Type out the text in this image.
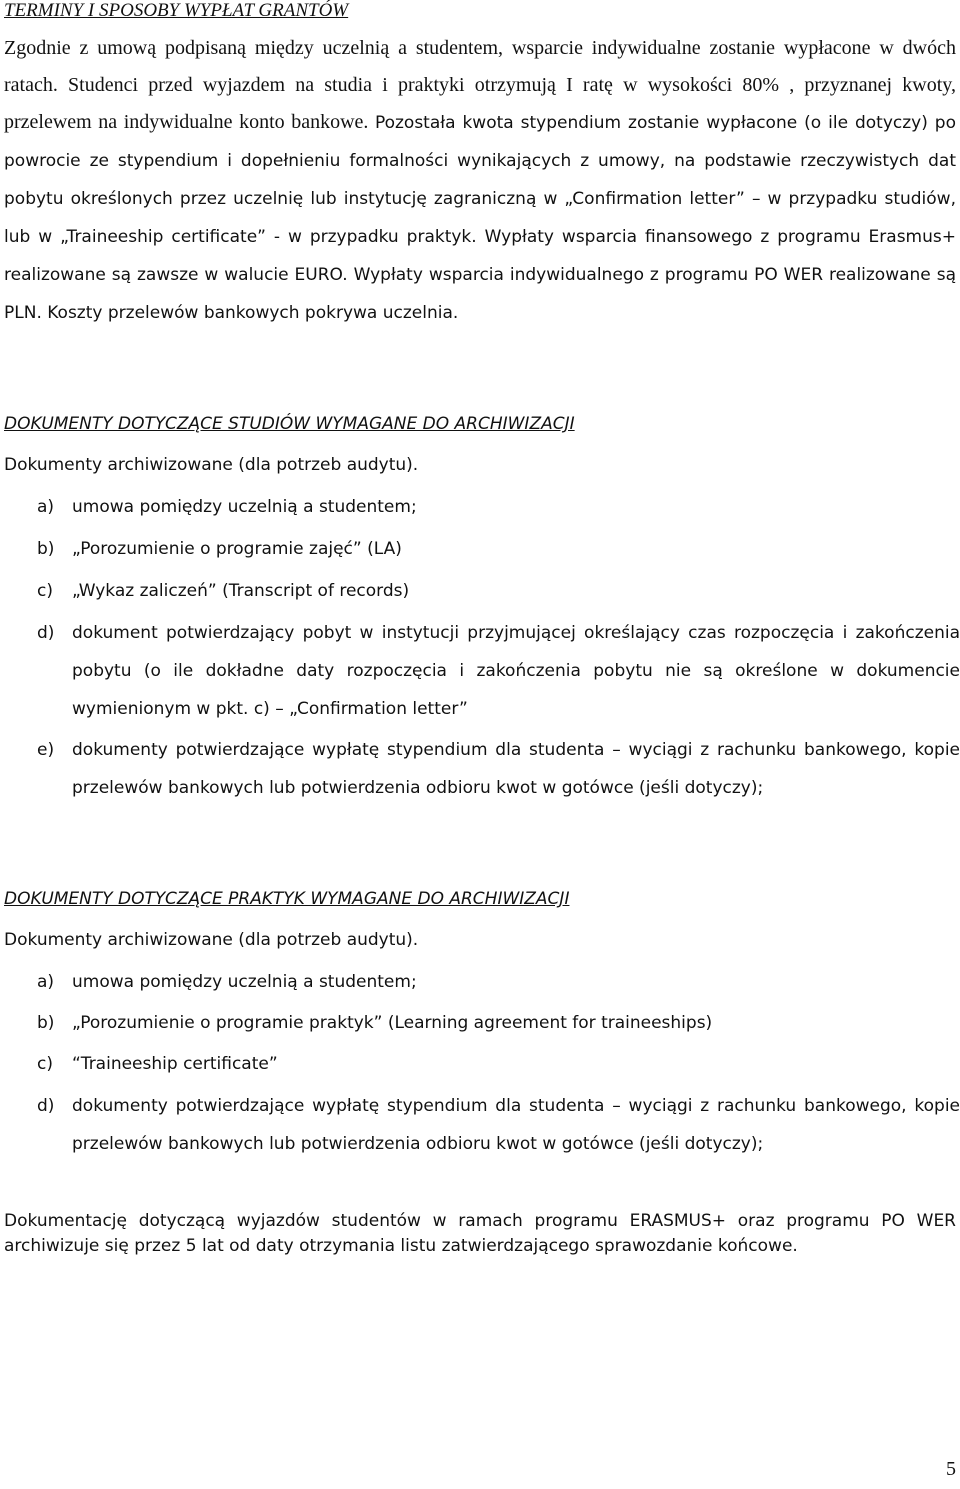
TERMINY I SPOSOBY WYPŁAT GRANTÓW

Zgodnie z umową podpisaną między uczelnią a studentem, wsparcie indywidualne zostanie wypłacone w dwóch ratach. Studenci przed wyjazdem na studia i praktyki otrzymują I ratę w wysokości 80% , przyznanej kwoty, przelewem na indywidualne konto bankowe. Pozostała kwota stypendium zostanie wypłacone (o ile dotyczy) po powrocie ze stypendium i dopełnieniu formalności wynikających z umowy, na podstawie rzeczywistych dat pobytu określonych przez uczelnię lub instytucję zagraniczną w „Confirmation letter” – w przypadku studiów, lub w „Traineeship certificate” - w przypadku praktyk. Wypłaty wsparcia finansowego z programu Erasmus+ realizowane są zawsze w walucie EURO. Wypłaty wsparcia indywidualnego z programu PO WER realizowane są PLN. Koszty przelewów bankowych pokrywa uczelnia.

DOKUMENTY DOTYCZĄCE STUDIÓW WYMAGANE DO ARCHIWIZACJI
Dokumenty archiwizowane (dla potrzeb audytu).
a) umowa pomiędzy uczelnią a studentem;

b) „Porozumienie o programie zajęć” (LA)

c) „Wykaz zaliczeń” (Transcript of records)

d) dokument potwierdzający pobyt w instytucji przyjmującej określający czas rozpoczęcia i zakończenia pobytu (o ile dokładne daty rozpoczęcia i zakończenia pobytu nie są określone w dokumencie wymienionym w pkt. c) – „Confirmation letter”

e) dokumenty potwierdzające wypłatę stypendium dla studenta – wyciągi z rachunku bankowego, kopie przelewów bankowych lub potwierdzenia odbioru kwot w gotówce (jeśli dotyczy);

DOKUMENTY DOTYCZĄCE PRAKTYK WYMAGANE DO ARCHIWIZACJI
Dokumenty archiwizowane (dla potrzeb audytu).
a) umowa pomiędzy uczelnią a studentem;

b) „Porozumienie o programie praktyk” (Learning agreement for traineeships)

c) “Traineeship certificate”

d) dokumenty potwierdzające wypłatę stypendium dla studenta – wyciągi z rachunku bankowego, kopie przelewów bankowych lub potwierdzenia odbioru kwot w gotówce (jeśli dotyczy);

Dokumentację dotyczącą wyjazdów studentów w ramach programu ERASMUS+ oraz programu PO WER archiwizuje się przez 5 lat od daty otrzymania listu zatwierdzającego sprawozdanie końcowe.

5
